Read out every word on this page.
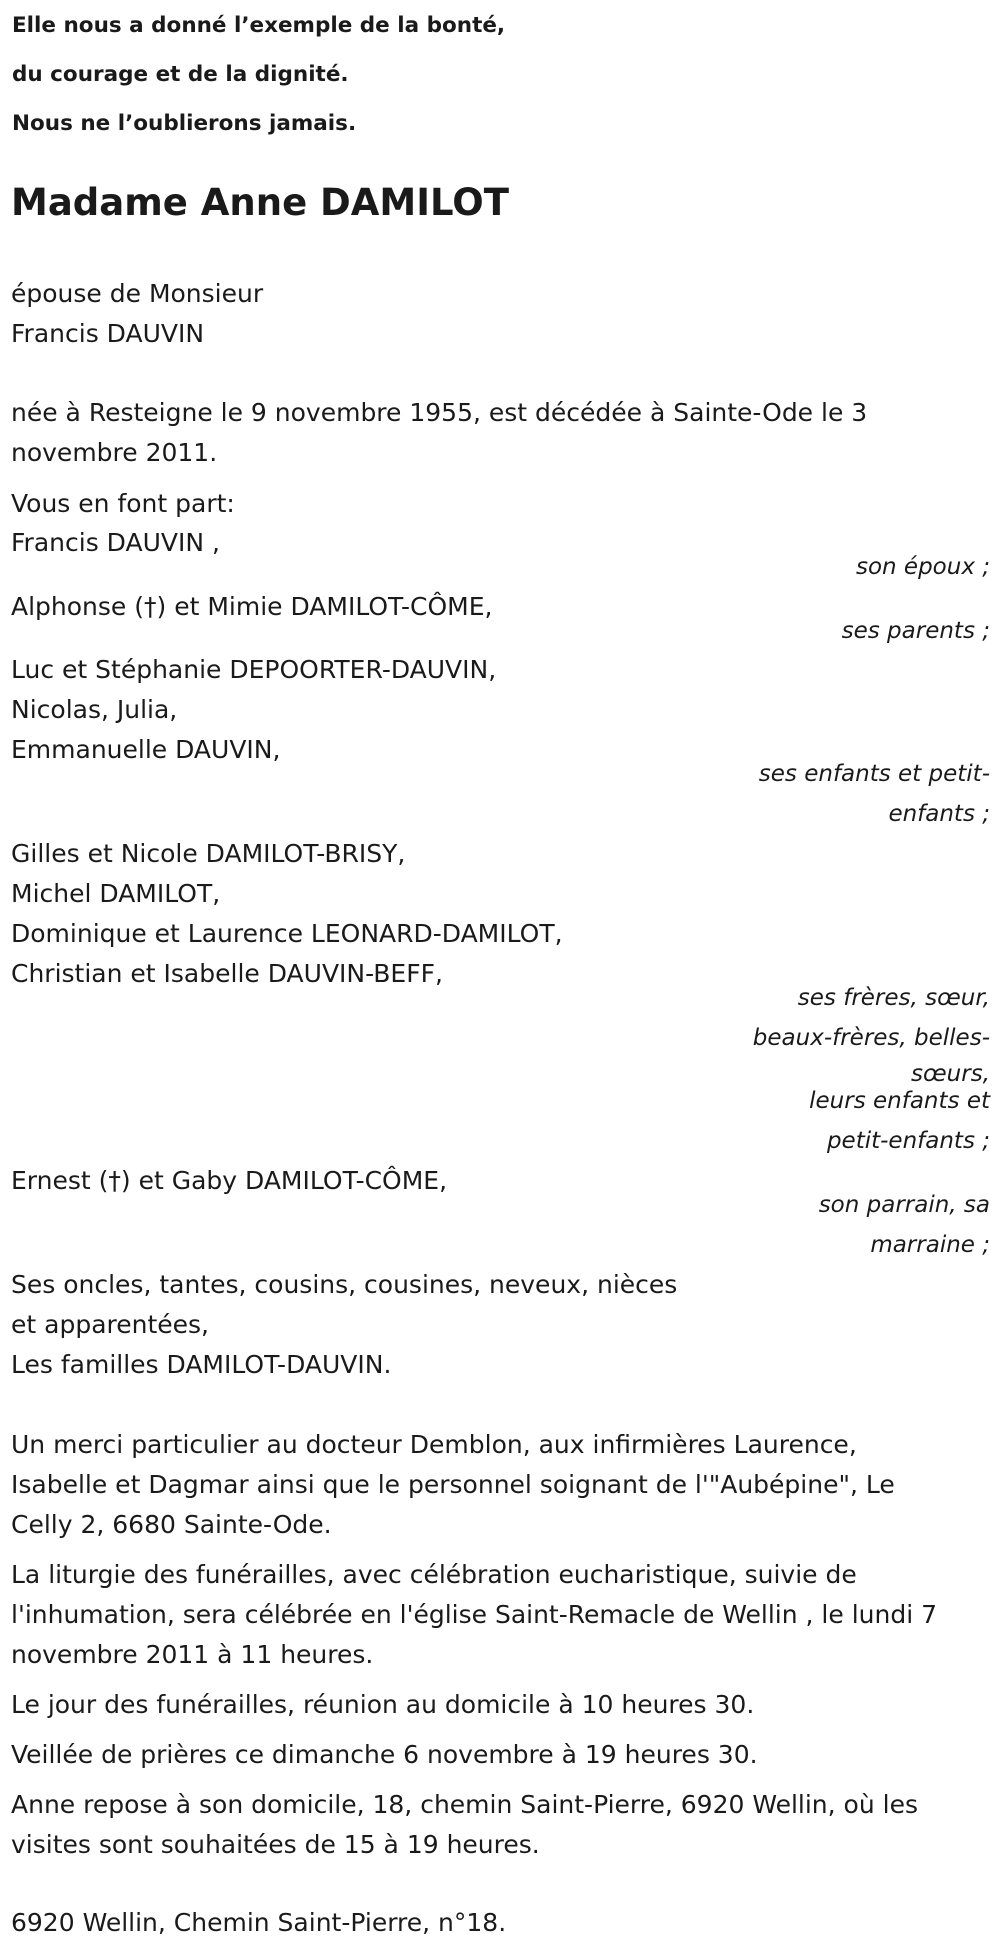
Elle nous a donné l’exemple de la bonté,

du courage et de la dignité.

Nous ne l’oublierons jamais.

Madame Anne DAMILOT

épouse de Monsieur

Francis DAUVIN

née à Resteigne le 9 novembre 1955, est décédée à Sainte-Ode le 3

novembre 2011.

Vous en font part:

Francis DAUVIN ,

son époux ;

Alphonse (†) et Mimie DAMILOT-CÔME,

ses parents ;

Luc et Stéphanie DEPOORTER-DAUVIN,

Nicolas, Julia,

Emmanuelle DAUVIN,

ses enfants et petit-

enfants ;

Gilles et Nicole DAMILOT-BRISY,

Michel DAMILOT,

Dominique et Laurence LEONARD-DAMILOT,

Christian et Isabelle DAUVIN-BEFF,

ses frères, sœur,

beaux-frères, belles-

sœurs,

leurs enfants et

petit-enfants ;

Ernest (†) et Gaby DAMILOT-CÔME,

son parrain, sa

marraine ;

Ses oncles, tantes, cousins, cousines, neveux, nièces

et apparentées,

Les familles DAMILOT-DAUVIN.

Un merci particulier au docteur Demblon, aux infirmières Laurence,

Isabelle et Dagmar ainsi que le personnel soignant de l'"Aubépine", Le

Celly 2, 6680 Sainte-Ode.

La liturgie des funérailles, avec célébration eucharistique, suivie de

l'inhumation, sera célébrée en l'église Saint-Remacle de Wellin , le lundi 7

novembre 2011 à 11 heures.

Le jour des funérailles, réunion au domicile à 10 heures 30.

Veillée de prières ce dimanche 6 novembre à 19 heures 30.

Anne repose à son domicile, 18, chemin Saint-Pierre, 6920 Wellin, où les

visites sont souhaitées de 15 à 19 heures.

6920 Wellin, Chemin Saint-Pierre, n°18.
